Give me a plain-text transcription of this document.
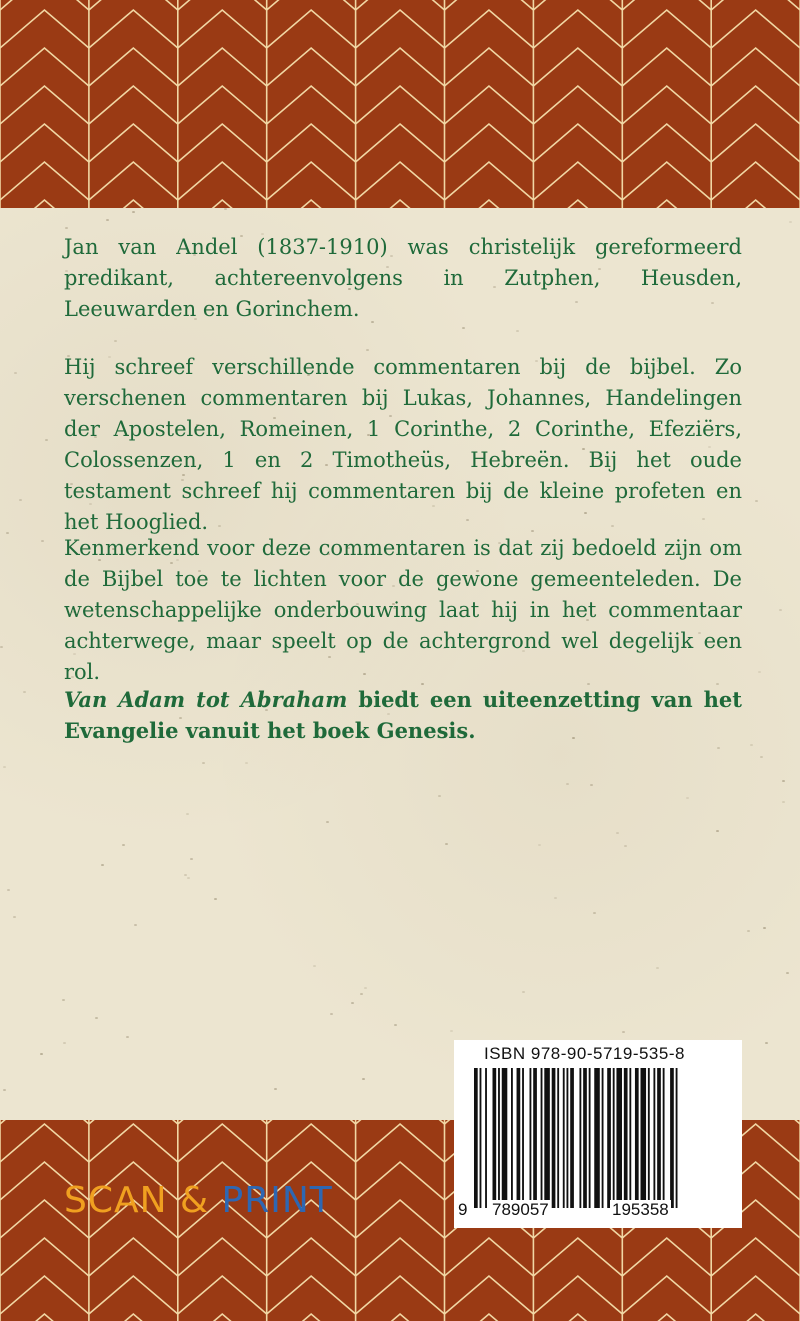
Jan van Andel (1837-1910) was christelijk gereformeerd predikant, achtereenvolgens in Zutphen, Heusden, Leeuwarden en Gorinchem.

Hij schreef verschillende commentaren bij de bijbel. Zo verschenen commentaren bij Lukas, Johannes, Handelingen der Apostelen, Romeinen, 1 Corinthe, 2 Corinthe, Efeziërs, Colossenzen, 1 en 2 Timotheüs, Hebreën. Bij het oude testament schreef hij commentaren bij de kleine profeten en het Hooglied.

Kenmerkend voor deze commentaren is dat zij bedoeld zijn om de Bijbel toe te lichten voor de gewone gemeenteleden. De wetenschappelijke onderbouwing laat hij in het commentaar achterwege, maar speelt op de achtergrond wel degelijk een rol.

Van Adam tot Abraham biedt een uiteenzetting van het Evangelie vanuit het boek Genesis.

SCAN & PRINT
ISBN 978-90-5719-535-8
9 789057	195358
